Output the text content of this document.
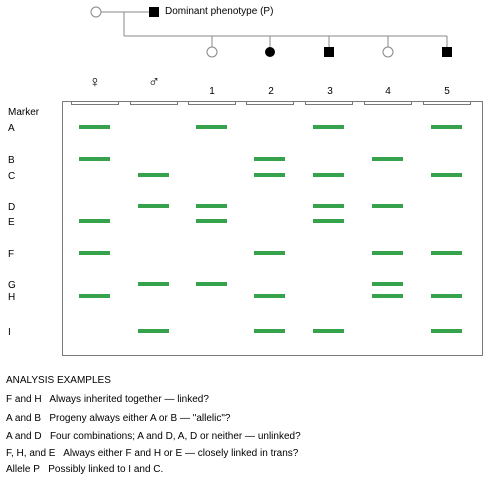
Dominant phenotype (P)
♀	♂
1	2	3	4	5
Marker
A
B
C
D
E
F
G
H
I
ANALYSIS EXAMPLES
F and H Always inherited together — linked?
A and B Progeny always either A or B — "allelic"?
A and D Four combinations; A and D, A, D or neither — unlinked?
F, H, and E Always either F and H or E — closely linked in trans?
Allele P Possibly linked to I and C.
